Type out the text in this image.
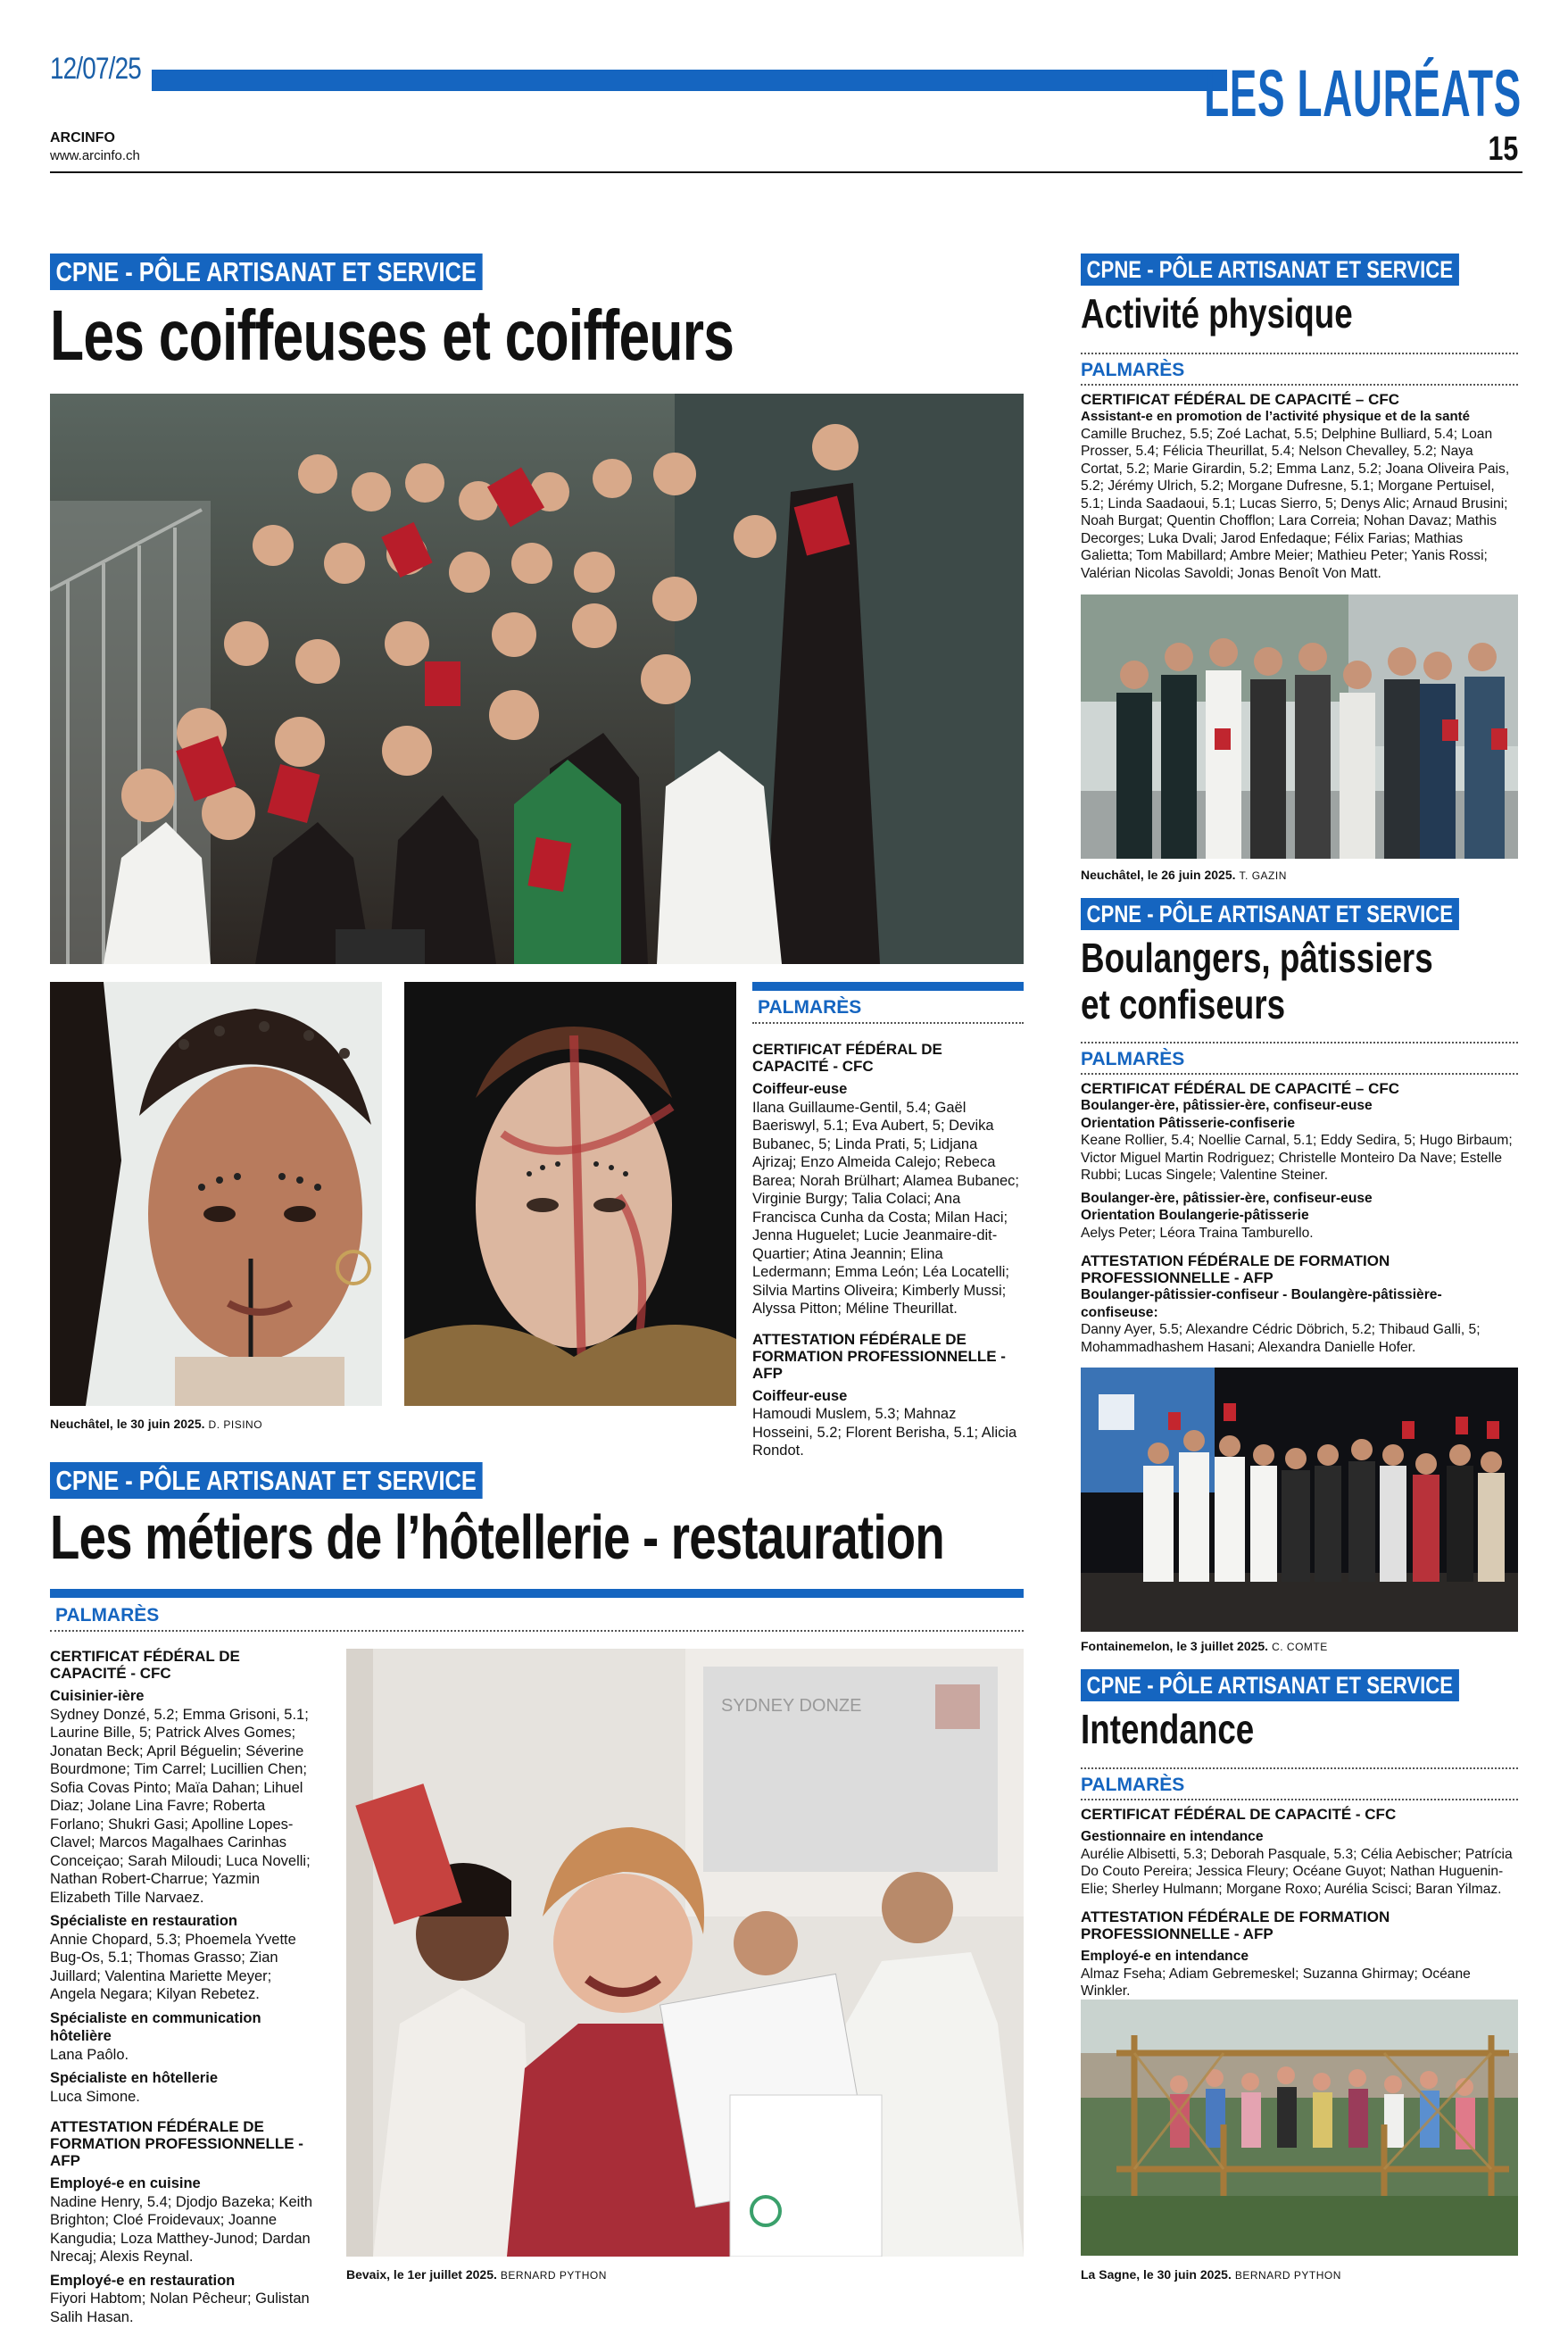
12/07/25	LES LAURÉATS
ARCINFO
www.arcinfo.ch	15
CPNE - PÔLE ARTISANAT ET SERVICE
Les coiffeuses et coiffeurs
Neuchâtel, le 30 juin 2025. D. PISINO
PALMARÈS
CERTIFICAT FÉDÉRAL DE CAPACITÉ - CFC
Coiffeur-euse
Ilana Guillaume-Gentil, 5.4; Gaël Baeriswyl, 5.1; Eva Aubert, 5; Devika Bubanec, 5; Linda Prati, 5; Lidjana Ajrizaj; Enzo Almeida Calejo; Rebeca Barea; Norah Brülhart; Alamea Bubanec; Virginie Burgy; Talia Colaci; Ana Francisca Cunha da Costa; Milan Haci; Jenna Huguelet; Lucie Jeanmaire-dit-Quartier; Atina Jeannin; Elina Ledermann; Emma León; Léa Locatelli; Silvia Martins Oliveira; Kimberly Mussi; Alyssa Pitton; Méline Theurillat.
ATTESTATION FÉDÉRALE DE FORMATION PROFESSIONNELLE - AFP
Coiffeur-euse
Hamoudi Muslem, 5.3; Mahnaz Hosseini, 5.2; Florent Berisha, 5.1; Alicia Rondot.
CPNE - PÔLE ARTISANAT ET SERVICE
Les métiers de l’hôtellerie - restauration
PALMARÈS
CERTIFICAT FÉDÉRAL DE CAPACITÉ - CFC
Cuisinier-ière
Sydney Donzé, 5.2; Emma Grisoni, 5.1; Laurine Bille, 5; Patrick Alves Gomes; Jonatan Beck; April Béguelin; Séverine Bourdmone; Tim Carrel; Lucillien Chen; Sofia Covas Pinto; Maïa Dahan; Lihuel Diaz; Jolane Lina Favre; Roberta Forlano; Shukri Gasi; Apolline Lopes-Clavel; Marcos Magalhaes Carinhas Conceiçao; Sarah Miloudi; Luca Novelli; Nathan Robert-Charrue; Yazmin Elizabeth Tille Narvaez.
Spécialiste en restauration
Annie Chopard, 5.3; Phoemela Yvette Bug-Os, 5.1; Thomas Grasso; Zian Juillard; Valentina Mariette Meyer; Angela Negara; Kilyan Rebetez.
Spécialiste en communication hôtelière
Lana Paôlo.
Spécialiste en hôtellerie
Luca Simone.
ATTESTATION FÉDÉRALE DE FORMATION PROFESSIONNELLE - AFP
Employé-e en cuisine
Nadine Henry, 5.4; Djodjo Bazeka; Keith Brighton; Cloé Froidevaux; Joanne Kangudia; Loza Matthey-Junod; Dardan Nrecaj; Alexis Reynal.
Employé-e en restauration
Fiyori Habtom; Nolan Pêcheur; Gulistan Salih Hasan.
SYDNEY DONZE
Bevaix, le 1er juillet 2025. BERNARD PYTHON
CPNE - PÔLE ARTISANAT ET SERVICE
Activité physique
PALMARÈS
CERTIFICAT FÉDÉRAL DE CAPACITÉ – CFC
Assistant-e en promotion de l’activité physique et de la santé
Camille Bruchez, 5.5; Zoé Lachat, 5.5; Delphine Bulliard, 5.4; Loan Prosser, 5.4; Félicia Theurillat, 5.4; Nelson Chevalley, 5.2; Naya Cortat, 5.2; Marie Girardin, 5.2; Emma Lanz, 5.2; Joana Oliveira Pais, 5.2; Jérémy Ulrich, 5.2; Morgane Dufresne, 5.1; Morgane Pertuisel, 5.1; Linda Saadaoui, 5.1; Lucas Sierro, 5; Denys Alic; Arnaud Brusini; Noah Burgat; Quentin Chofflon; Lara Correia; Nohan Davaz; Mathis Decorges; Luka Dvali; Jarod Enfedaque; Félix Farias; Mathias Galietta; Tom Mabillard; Ambre Meier; Mathieu Peter; Yanis Rossi; Valérian Nicolas Savoldi; Jonas Benoît Von Matt.
Neuchâtel, le 26 juin 2025. T. GAZIN
CPNE - PÔLE ARTISANAT ET SERVICE
Boulangers, pâtissiers
et confiseurs
PALMARÈS
CERTIFICAT FÉDÉRAL DE CAPACITÉ – CFC
Boulanger-ère, pâtissier-ère, confiseur-euse
Orientation Pâtisserie-confiserie
Keane Rollier, 5.4; Noellie Carnal, 5.1; Eddy Sedira, 5; Hugo Birbaum; Victor Miguel Martin Rodriguez; Christelle Monteiro Da Nave; Estelle Rubbi; Lucas Singele; Valentine Steiner.
Boulanger-ère, pâtissier-ère, confiseur-euse
Orientation Boulangerie-pâtisserie
Aelys Peter; Léora Traina Tamburello.
ATTESTATION FÉDÉRALE DE FORMATION PROFESSIONNELLE - AFP
Boulanger-pâtissier-confiseur - Boulangère-pâtissière-confiseuse:
Danny Ayer, 5.5; Alexandre Cédric Döbrich, 5.2; Thibaud Galli, 5; Mohammadhashem Hasani; Alexandra Danielle Hofer.
Fontainemelon, le 3 juillet 2025. C. COMTE
CPNE - PÔLE ARTISANAT ET SERVICE
Intendance
PALMARÈS
CERTIFICAT FÉDÉRAL DE CAPACITÉ - CFC
Gestionnaire en intendance
Aurélie Albisetti, 5.3; Deborah Pasquale, 5.3; Célia Aebischer; Patrícia Do Couto Pereira; Jessica Fleury; Océane Guyot; Nathan Huguenin-Elie; Sherley Hulmann; Morgane Roxo; Aurélia Scisci; Baran Yilmaz.
ATTESTATION FÉDÉRALE DE FORMATION PROFESSIONNELLE - AFP
Employé-e en intendance
Almaz Fseha; Adiam Gebremeskel; Suzanna Ghirmay; Océane Winkler.
La Sagne, le 30 juin 2025. BERNARD PYTHON
